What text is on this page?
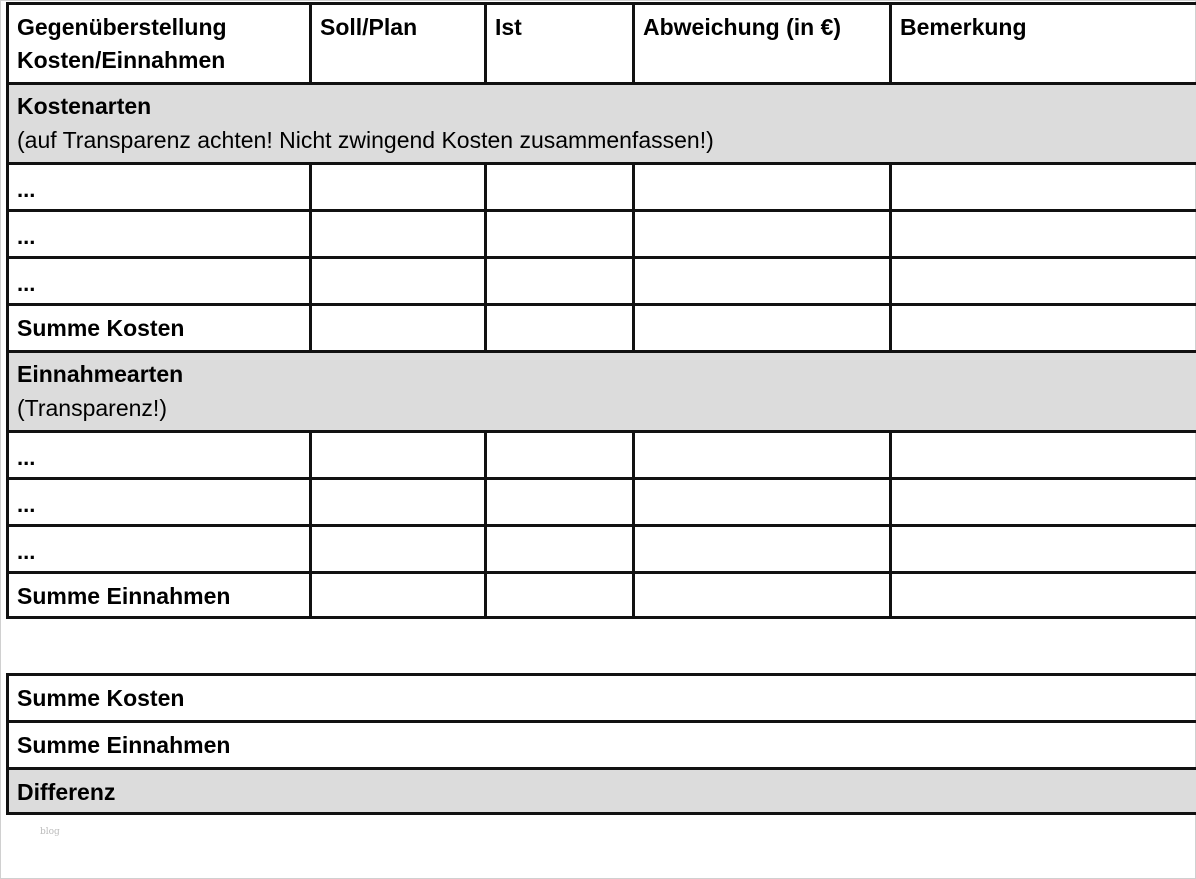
Gegenüberstellung
Kosten/Einnahmen	Soll/Plan	Ist	Abweichung (in €)	Bemerkung

Kostenarten
(auf Transparenz achten! Nicht zwingend Kosten zusammenfassen!)				

...				

...				

...				

Summe Kosten				

Einnahmearten
(Transparenz!)				

...				

...				

...				

Summe Einnahmen				

Summe Kosten

Summe Einnahmen

Differenz
blog
